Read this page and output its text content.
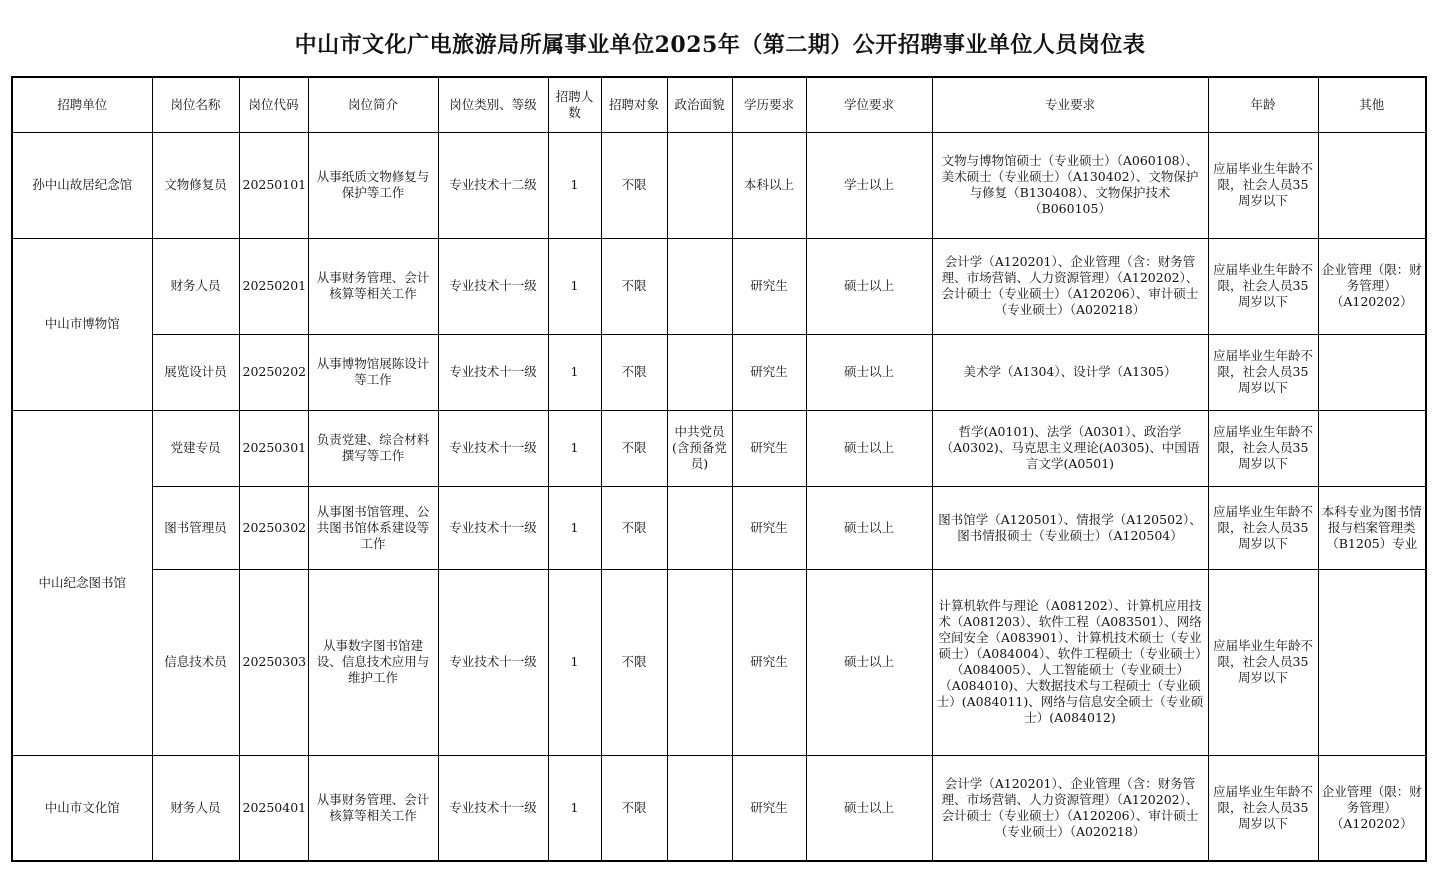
中山市文化广电旅游局所属事业单位2025年（第二期）公开招聘事业单位人员岗位表
招聘单位	岗位名称	岗位代码	岗位简介	岗位类别、等级	招聘人数	招聘对象	政治面貌	学历要求	学位要求	专业要求	年龄	其他
孙中山故居纪念馆	文物修复员	20250101	从事纸质文物修复与保护等工作	专业技术十二级	1	不限		本科以上	学士以上	文物与博物馆硕士（专业硕士）（A060108）、美术硕士（专业硕士）（A130402）、文物保护与修复（B130408）、文物保护技术（B060105）	应届毕业生年龄不限，社会人员35周岁以下	
中山市博物馆	财务人员	20250201	从事财务管理、会计核算等相关工作	专业技术十一级	1	不限		研究生	硕士以上	会计学（A120201）、企业管理（含：财务管理、市场营销、人力资源管理）（A120202）、会计硕士（专业硕士）（A120206）、审计硕士（专业硕士）（A020218）	应届毕业生年龄不限，社会人员35周岁以下	企业管理（限：财务管理）（A120202）
	展览设计员	20250202	从事博物馆展陈设计等工作	专业技术十一级	1	不限		研究生	硕士以上	美术学（A1304）、设计学（A1305）	应届毕业生年龄不限，社会人员35周岁以下	
中山纪念图书馆	党建专员	20250301	负责党建、综合材料撰写等工作	专业技术十一级	1	不限	中共党员(含预备党员)	研究生	硕士以上	哲学(A0101)、法学（A0301）、政治学（A0302)、马克思主义理论(A0305)、中国语言文学(A0501)	应届毕业生年龄不限，社会人员35周岁以下	
	图书管理员	20250302	从事图书馆管理、公共图书馆体系建设等工作	专业技术十一级	1	不限		研究生	硕士以上	图书馆学（A120501）、情报学（A120502）、图书情报硕士（专业硕士）（A120504）	应届毕业生年龄不限，社会人员35周岁以下	本科专业为图书情报与档案管理类（B1205）专业
	信息技术员	20250303	从事数字图书馆建设、信息技术应用与维护工作	专业技术十一级	1	不限		研究生	硕士以上	计算机软件与理论（A081202）、计算机应用技术（A081203）、软件工程（A083501）、网络空间安全（A083901）、计算机技术硕士（专业硕士）（A084004）、软件工程硕士（专业硕士）（A084005）、人工智能硕士（专业硕士）（A084010)、大数据技术与工程硕士（专业硕士）(A084011)、网络与信息安全硕士（专业硕士）(A084012)	应届毕业生年龄不限，社会人员35周岁以下	
中山市文化馆	财务人员	20250401	从事财务管理、会计核算等相关工作	专业技术十一级	1	不限		研究生	硕士以上	会计学（A120201）、企业管理（含：财务管理、市场营销、人力资源管理）（A120202）、会计硕士（专业硕士）（A120206）、审计硕士（专业硕士）（A020218）	应届毕业生年龄不限，社会人员35周岁以下	企业管理（限：财务管理）（A120202）
